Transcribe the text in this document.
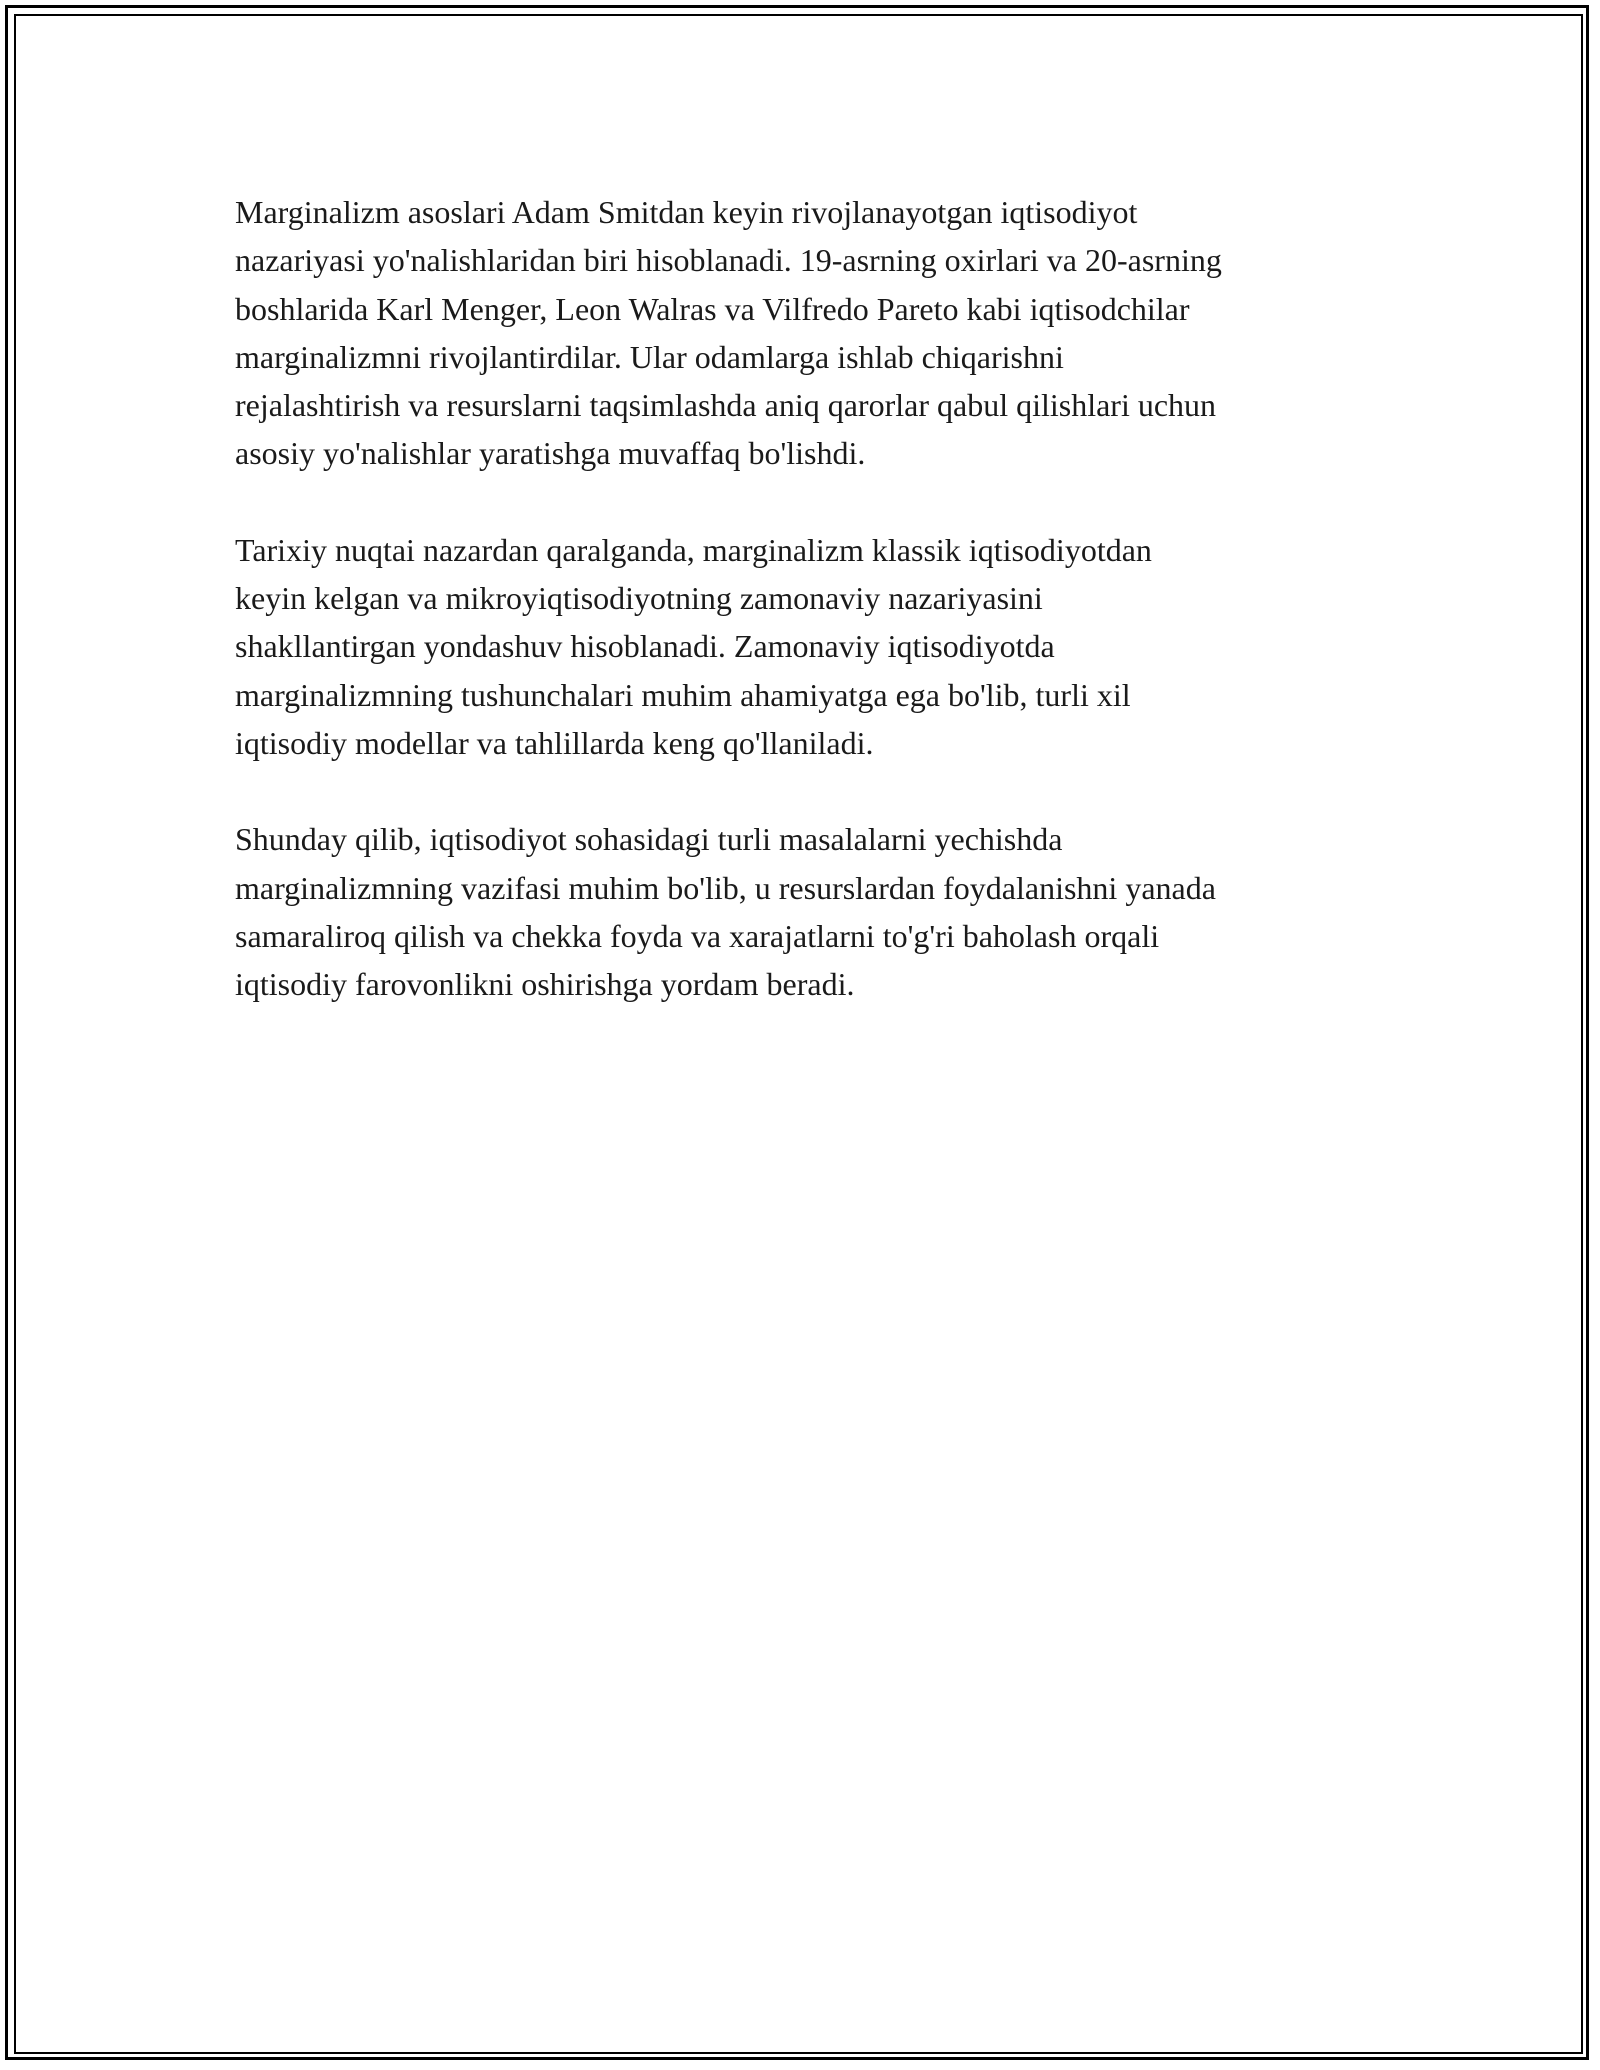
Marginalizm asoslari Adam Smitdan keyin rivojlanayotgan iqtisodiyot
nazariyasi yo'nalishlaridan biri hisoblanadi. 19-asrning oxirlari va 20-asrning
boshlarida Karl Menger, Leon Walras va Vilfredo Pareto kabi iqtisodchilar
marginalizmni rivojlantirdilar. Ular odamlarga ishlab chiqarishni
rejalashtirish va resurslarni taqsimlashda aniq qarorlar qabul qilishlari uchun
asosiy yo'nalishlar yaratishga muvaffaq bo'lishdi.

Tarixiy nuqtai nazardan qaralganda, marginalizm klassik iqtisodiyotdan
keyin kelgan va mikroyiqtisodiyotning zamonaviy nazariyasini
shakllantirgan yondashuv hisoblanadi. Zamonaviy iqtisodiyotda
marginalizmning tushunchalari muhim ahamiyatga ega bo'lib, turli xil
iqtisodiy modellar va tahlillarda keng qo'llaniladi.

Shunday qilib, iqtisodiyot sohasidagi turli masalalarni yechishda
marginalizmning vazifasi muhim bo'lib, u resurslardan foydalanishni yanada
samaraliroq qilish va chekka foyda va xarajatlarni to'g'ri baholash orqali
iqtisodiy farovonlikni oshirishga yordam beradi.
